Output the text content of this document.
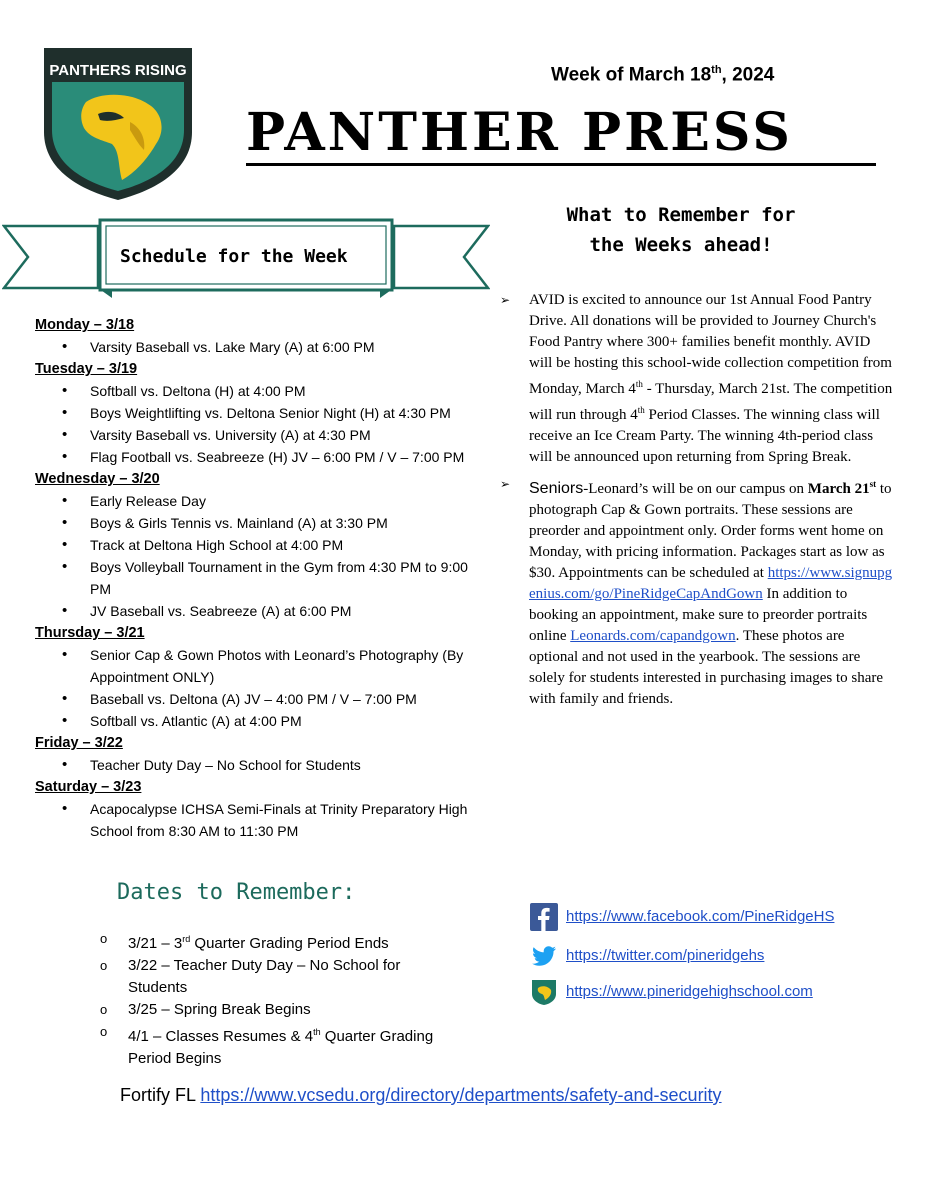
PANTHERS RISING	Week of March 18th, 2024
PANTHER PRESS
What to Remember for
the Weeks ahead!
Schedule for the Week
Monday – 3/18
• Varsity Baseball vs. Lake Mary (A) at 6:00 PM
Tuesday – 3/19
• Softball vs. Deltona (H) at 4:00 PM
• Boys Weightlifting vs. Deltona Senior Night (H) at 4:30 PM
• Varsity Baseball vs. University (A) at 4:30 PM
• Flag Football vs. Seabreeze (H) JV – 6:00 PM / V – 7:00 PM
Wednesday – 3/20
• Early Release Day
• Boys & Girls Tennis vs. Mainland (A) at 3:30 PM
• Track at Deltona High School at 4:00 PM
• Boys Volleyball Tournament in the Gym from 4:30 PM to 9:00 PM
• JV Baseball vs. Seabreeze (A) at 6:00 PM
Thursday – 3/21
• Senior Cap & Gown Photos with Leonard’s Photography (By Appointment ONLY)
• Baseball vs. Deltona (A) JV – 4:00 PM / V – 7:00 PM
• Softball vs. Atlantic (A) at 4:00 PM
Friday – 3/22
• Teacher Duty Day – No School for Students
Saturday – 3/23
• Acapocalypse ICHSA Semi-Finals at Trinity Preparatory High School from 8:30 AM to 11:30 PM
Dates to Remember:
o 3/21 – 3rd Quarter Grading Period Ends
o 3/22 – Teacher Duty Day – No School for Students
o 3/25 – Spring Break Begins
o 4/1 – Classes Resumes & 4th Quarter Grading Period Begins
➢ AVID is excited to announce our 1st Annual Food Pantry Drive. All donations will be provided to Journey Church's Food Pantry where 300+ families benefit monthly. AVID will be hosting this school-wide collection competition from Monday, March 4th - Thursday, March 21st. The competition will run through 4th Period Classes. The winning class will receive an Ice Cream Party. The winning 4th-period class will be announced upon returning from Spring Break.
➢ Seniors-Leonard’s will be on our campus on March 21st to photograph Cap & Gown portraits. These sessions are preorder and appointment only. Order forms went home on Monday, with pricing information. Packages start as low as $30. Appointments can be scheduled at https://www.signupgenius.com/go/PineRidgeCapAndGown In addition to booking an appointment, make sure to preorder portraits online Leonards.com/capandgown. These photos are optional and not used in the yearbook. The sessions are solely for students interested in purchasing images to share with family and friends.
https://www.facebook.com/PineRidgeHS
https://twitter.com/pineridgehs
https://www.pineridgehighschool.com
Fortify FL https://www.vcsedu.org/directory/departments/safety-and-security
